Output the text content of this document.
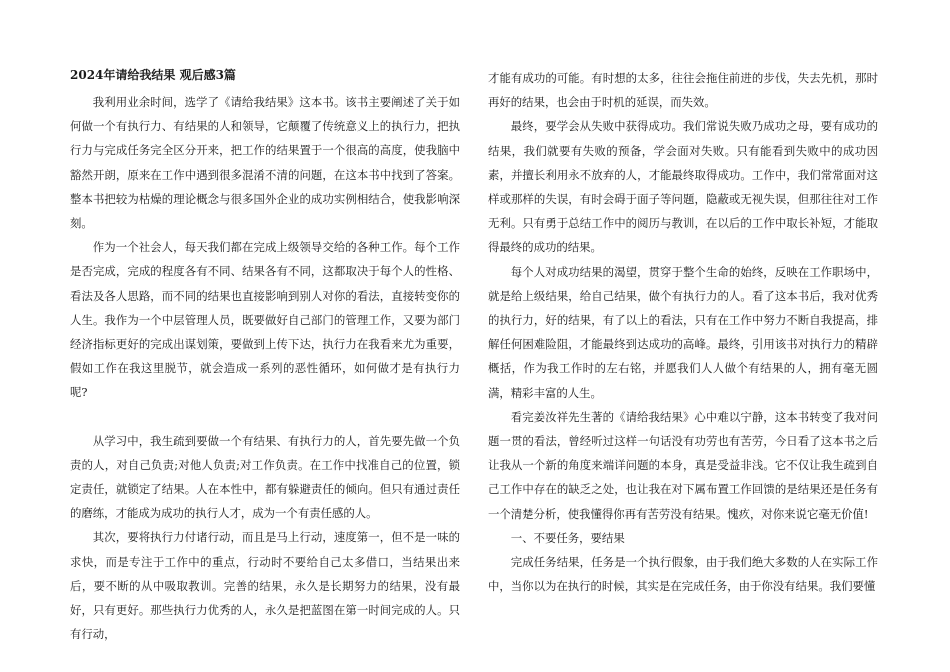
2024年请给我结果 观后感3篇

我利用业余时间，选学了《请给我结果》这本书。该书主要阐述了关于如何做一个有执行力、有结果的人和领导，它颠覆了传统意义上的执行力，把执行力与完成任务完全区分开来，把工作的结果置于一个很高的高度，使我脑中豁然开朗，原来在工作中遇到很多混淆不清的问题，在这本书中找到了答案。整本书把较为枯燥的理论概念与很多国外企业的成功实例相结合，使我影响深刻。

作为一个社会人，每天我们都在完成上级领导交给的各种工作。每个工作是否完成，完成的程度各有不同、结果各有不同，这都取决于每个人的性格、看法及各人思路，而不同的结果也直接影响到别人对你的看法，直接转变你的人生。我作为一个中层管理人员，既要做好自己部门的管理工作，又要为部门经济指标更好的完成出谋划策，要做到上传下达，执行力在我看来尤为重要，假如工作在我这里脱节，就会造成一系列的恶性循环，如何做才是有执行力呢?

从学习中，我生疏到要做一个有结果、有执行力的人，首先要先做一个负责的人，对自己负责;对他人负责;对工作负责。在工作中找准自己的位置，锁定责任，就锁定了结果。人在本性中，都有躲避责任的倾向。但只有通过责任的磨练，才能成为成功的执行人才，成为一个有责任感的人。

其次，要将执行力付诸行动，而且是马上行动，速度第一，但不是一味的求快，而是专注于工作中的重点，行动时不要给自己太多借口，当结果出来后，要不断的从中吸取教训。完善的结果，永久是长期努力的结果，没有最好，只有更好。那些执行力优秀的人，永久是把蓝图在第一时间完成的人。只有行动，

才能有成功的可能。有时想的太多，往往会拖住前进的步伐，失去先机，那时再好的结果，也会由于时机的延误，而失效。

最终，要学会从失败中获得成功。我们常说失败乃成功之母，要有成功的结果，我们就要有失败的预备，学会面对失败。只有能看到失败中的成功因素，并擅长利用永不放弃的人，才能最终取得成功。工作中，我们常常面对这样或那样的失误，有时会碍于面子等问题，隐蔽或无视失误，但那往往对工作无利。只有勇于总结工作中的阅历与教训，在以后的工作中取长补短，才能取得最终的成功的结果。

每个人对成功结果的渴望，贯穿于整个生命的始终，反映在工作职场中，就是给上级结果，给自己结果，做个有执行力的人。看了这本书后，我对优秀的执行力，好的结果，有了以上的看法，只有在工作中努力不断自我提高，排解任何困难险阻，才能最终到达成功的高峰。最终，引用该书对执行力的精辟概括，作为我工作时的左右铭，并愿我们人人做个有结果的人，拥有毫无圆满，精彩丰富的人生。

看完姜汝祥先生著的《请给我结果》心中难以宁静，这本书转变了我对问题一贯的看法，曾经听过这样一句话没有功劳也有苦劳，今日看了这本书之后让我从一个新的角度来端详问题的本身，真是受益非浅。它不仅让我生疏到自己工作中存在的缺乏之处，也让我在对下属布置工作回馈的是结果还是任务有一个清楚分析，使我懂得你再有苦劳没有结果。愧疚，对你来说它毫无价值!

一、不要任务，要结果

完成任务结果，任务是一个执行假象，由于我们绝大多数的人在实际工作中，当你以为在执行的时候，其实是在完成任务，由于你没有结果。我们要懂
